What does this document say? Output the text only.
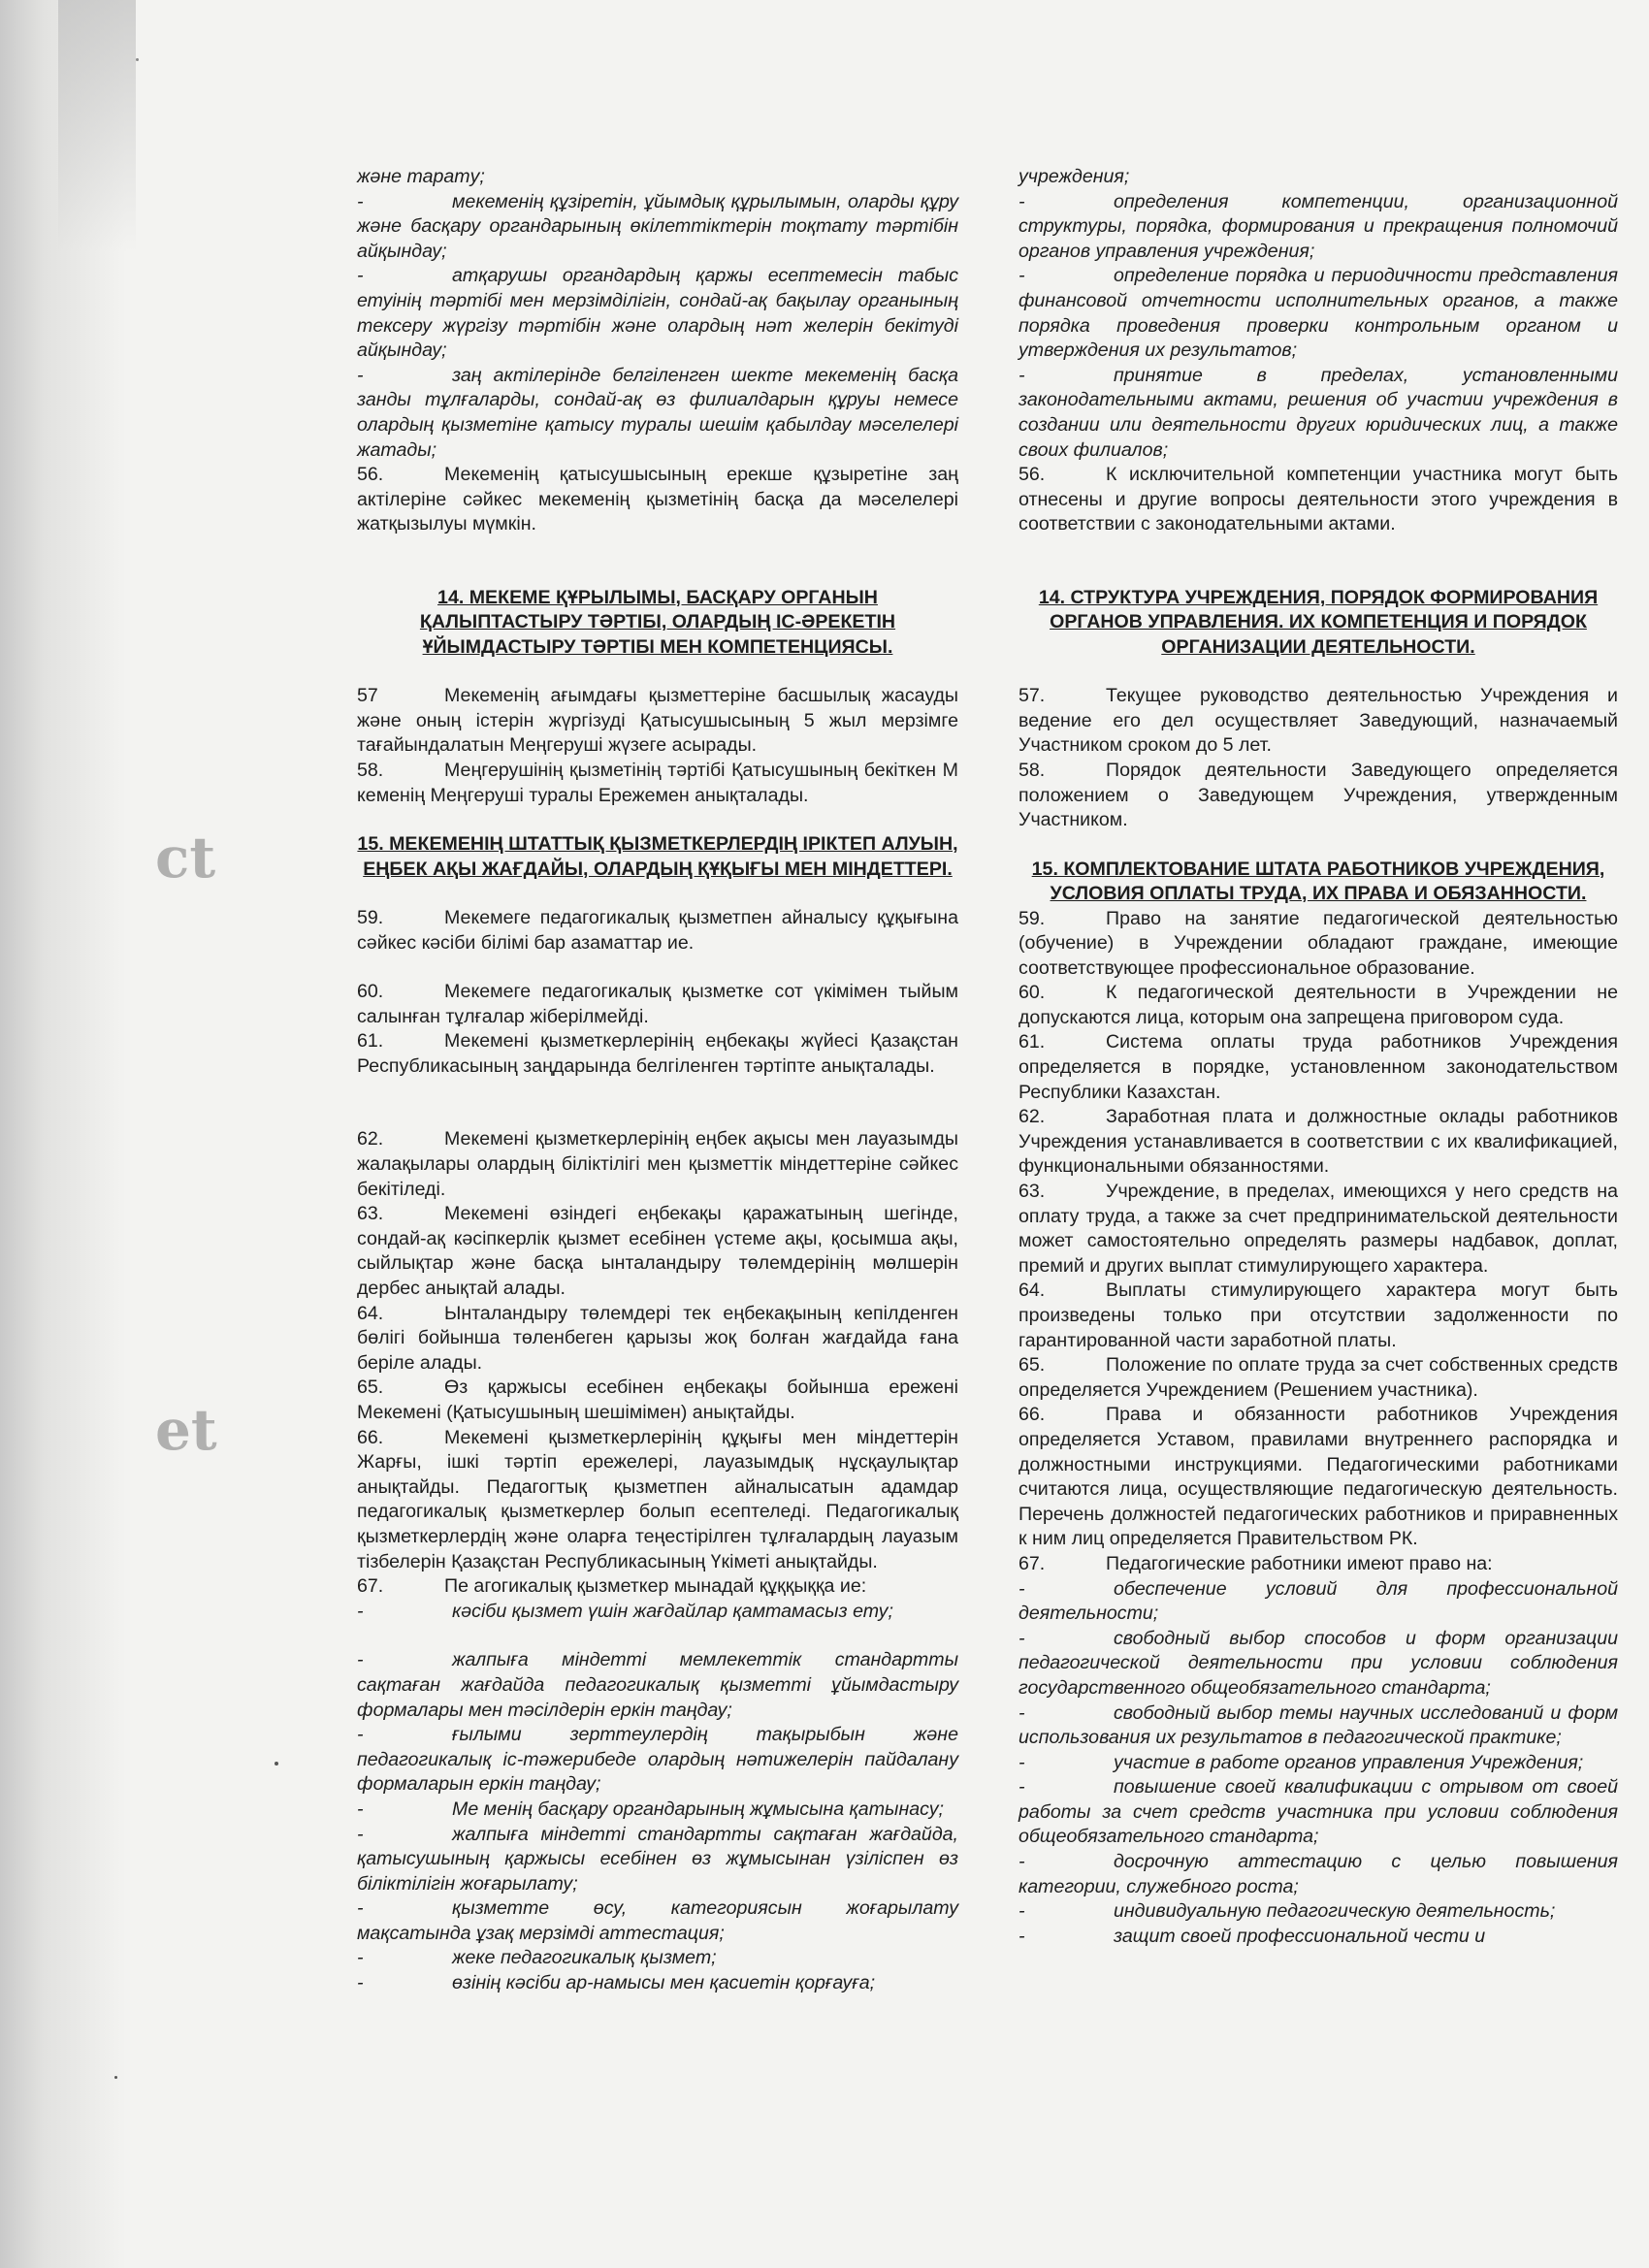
ct
et

және таратy;

-	мекеменің құзіретін, ұйымдық құрылымын, оларды құру және басқару органдарының өкілеттіктерін тоқтату тәртібін айқындау;

-	атқарушы органдардың қаржы есептемесін табыс етуінің тәртібі мен мерзімділігін, сондай-ақ бақылау органының тексеру жүргізу тәртібін және олардың нәт желерін бекітуді айқындау;

-	заң актілерінде белгіленген шекте мекеменің басқа занды тұлғаларды, сондай-ақ өз филиалдарын құруы немесе олардың қызметіне қатысу туралы шешім қабылдау мәселелері жатады;

56.	Мекеменің қатысушысының ерекше құзыретіне заң актілеріне сәйкес мекеменің қызметінің басқа да мәселелері жатқызылуы мүмкін.

14. МЕКЕМЕ ҚҰРЫЛЫМЫ, БАСҚАРУ ОРГАНЫН ҚАЛЫПТАСТЫРУ ТӘРТІБІ, ОЛАРДЫҢ ІС-ӘРЕКЕТІН ҰЙЫМДАСТЫРУ ТӘРТІБІ МЕН КОМПЕТЕНЦИЯСЫ.

57	Мекеменің ағымдағы қызметтеріне басшылық жасауды және оның істерін жүргізуді Қатысушысының 5 жыл мерзімге тағайындалатын Меңгеруші жүзеге асырады.

58.	Меңгерушінің қызметінің тәртібі Қатысушының бекіткен М кеменің Меңгеруші туралы Ережемен анықталады.

15. МЕКЕМЕНІҢ ШТАТТЫҚ ҚЫЗМЕТКЕРЛЕРДІҢ ІРІКТЕП АЛУЫН, ЕҢБЕК АҚЫ ЖАҒДАЙЫ, ОЛАРДЫҢ ҚҰҚЫҒЫ МЕН МІНДЕТТЕРІ.

59.	Мекемеге педагогикалық қызметпен айналысу құқығына сәйкес кәсіби білімі бар азаматтар ие.

60.	Мекемеге педагогикалық қызметке сот үкімімен тыйым салынған тұлғалар жіберілмейді.

61.	Мекемені қызметкерлерінің еңбекақы жүйесі Қазақстан Республикасының заңдарында белгіленген тәртіпте анықталады.

62.	Мекемені қызметкерлерінің еңбек ақысы мен лауазымды жалақылары олардың біліктілігі мен қызметтік міндеттеріне сәйкес бекітіледі.

63.	Мекемені өзіндегі еңбекақы қаражатының шегінде, сондай-ақ кәсіпкерлік қызмет есебінен үстеме ақы, қосымша ақы, сыйлықтар және басқа ынталандыру төлемдерінің мөлшерін дербес анықтай алады.

64.	Ынталандыру төлемдері тек еңбекақының кепілденген бөлігі бойынша төленбеген қарызы жоқ болған жағдайда ғана беріле алады.

65.	Өз қаржысы есебінен еңбекақы бойынша ережені Мекемені (Қатысушының шешімімен) анықтайды.

66.	Мекемені қызметкерлерінің құқығы мен міндеттерін Жарғы, ішкі тәртіп ережелері, лауазымдық нұсқаулықтар анықтайды. Педагогтық қызметпен айналысатын адамдар педагогикалық қызметкерлер болып есептеледі. Педагогикалық қызметкерлердің және оларға теңестірілген тұлғалардың лауазым тізбелерін Қазақстан Республикасының Үкіметі анықтайды.

67.	Пе агогикалық қызметкер мынадай құққыққа ие:

-	кәсіби қызмет үшін жағдайлар қамтамасыз ету;

-	жалпыға міндетті мемлекеттік стандартты сақтаған жағдайда педагогикалық қызметті ұйымдастыру формалары мен тәсілдерін еркін таңдау;

-	ғылыми зерттеулердің тақырыбын және педагогикалық іс-тәжерибеде олардың нәтижелерін пайдалану формаларын еркін таңдау;

-	Ме менің басқару органдарының жұмысына қатынасу;

-	жалпыға міндетті стандартты сақтаған жағдайда, қатысушының қаржысы есебінен өз жұмысынан үзіліспен өз біліктілігін жоғарылату;

-	қызметте өсу, категориясын жоғарылату мақсатында ұзақ мерзімді аттестация;

-	жеке педагогикалық қызмет;

-	өзінің кәсіби ар-намысы мен қасиетін қорғауға;

учреждения;

-	определения компетенции, организационной структуры, порядка, формирования и прекращения полномочий органов управления учреждения;

-	определение порядка и периодичности представления финансовой отчетности исполнительных органов, а также порядка проведения проверки контрольным органом и утверждения их результатов;

-	принятие в пределах, установленными законодательными актами, решения об участии учреждения в создании или деятельности других юридических лиц, а также своих филиалов;

56.	К исключительной компетенции участника могут быть отнесены и другие вопросы деятельности этого учреждения в соответствии с законодательными актами.

14. СТРУКТУРА УЧРЕЖДЕНИЯ, ПОРЯДОК ФОРМИРОВАНИЯ ОРГАНОВ УПРАВЛЕНИЯ. ИХ КОМПЕТЕНЦИЯ И ПОРЯДОК ОРГАНИЗАЦИИ ДЕЯТЕЛЬНОСТИ.

57.	Текущее руководство деятельностью Учреждения и ведение его дел осуществляет Заведующий, назначаемый Участником сроком до 5 лет.

58.	Порядок деятельности Заведующего определяется положением о Заведующем Учреждения, утвержденным Участником.

15. КОМПЛЕКТОВАНИЕ ШТАТА РАБОТНИКОВ УЧРЕЖДЕНИЯ, УСЛОВИЯ ОПЛАТЫ ТРУДА, ИХ ПРАВА И ОБЯЗАННОСТИ.

59.	Право на занятие педагогической деятельностью (обучение) в Учреждении обладают граждане, имеющие соответствующее профессиональное образование.

60.	К педагогической деятельности в Учреждении не допускаются лица, которым она запрещена приговором суда.

61.	Система оплаты труда работников Учреждения определяется в порядке, установленном законодательством Республики Казахстан.

62.	Заработная плата и должностные оклады работников Учреждения устанавливается в соответствии с их квалификацией, функциональными обязанностями.

63.	Учреждение, в пределах, имеющихся у него средств на оплату труда, а также за счет предпринимательской деятельности может самостоятельно определять размеры надбавок, доплат, премий и других выплат стимулирующего характера.

64.	Выплаты стимулирующего характера могут быть произведены только при отсутствии задолженности по гарантированной части заработной платы.

65.	Положение по оплате труда за счет собственных средств определяется Учреждением (Решением участника).

66.	Права и обязанности работников Учреждения определяется Уставом, правилами внутреннего распорядка и должностными инструкциями. Педагогическими работниками считаются лица, осуществляющие педагогическую деятельность. Перечень должностей педагогических работников и приравненных к ним лиц определяется Правительством РК.

67.	Педагогические работники имеют право на:

-	обеспечение условий для профессиональной деятельности;

-	свободный выбор способов и форм организации педагогической деятельности при условии соблюдения государственного общеобязательного стандарта;

-	свободный выбор темы научных исследований и форм использования их результатов в педагогической практике;

-	участие в работе органов управления Учреждения;

-	повышение своей квалификации с отрывом от своей работы за счет средств участника при условии соблюдения общеобязательного стандарта;

-	досрочную аттестацию с целью повышения категории, служебного роста;

-	индивидуальную педагогическую деятельность;

-	защит своей профессиональной чести и
